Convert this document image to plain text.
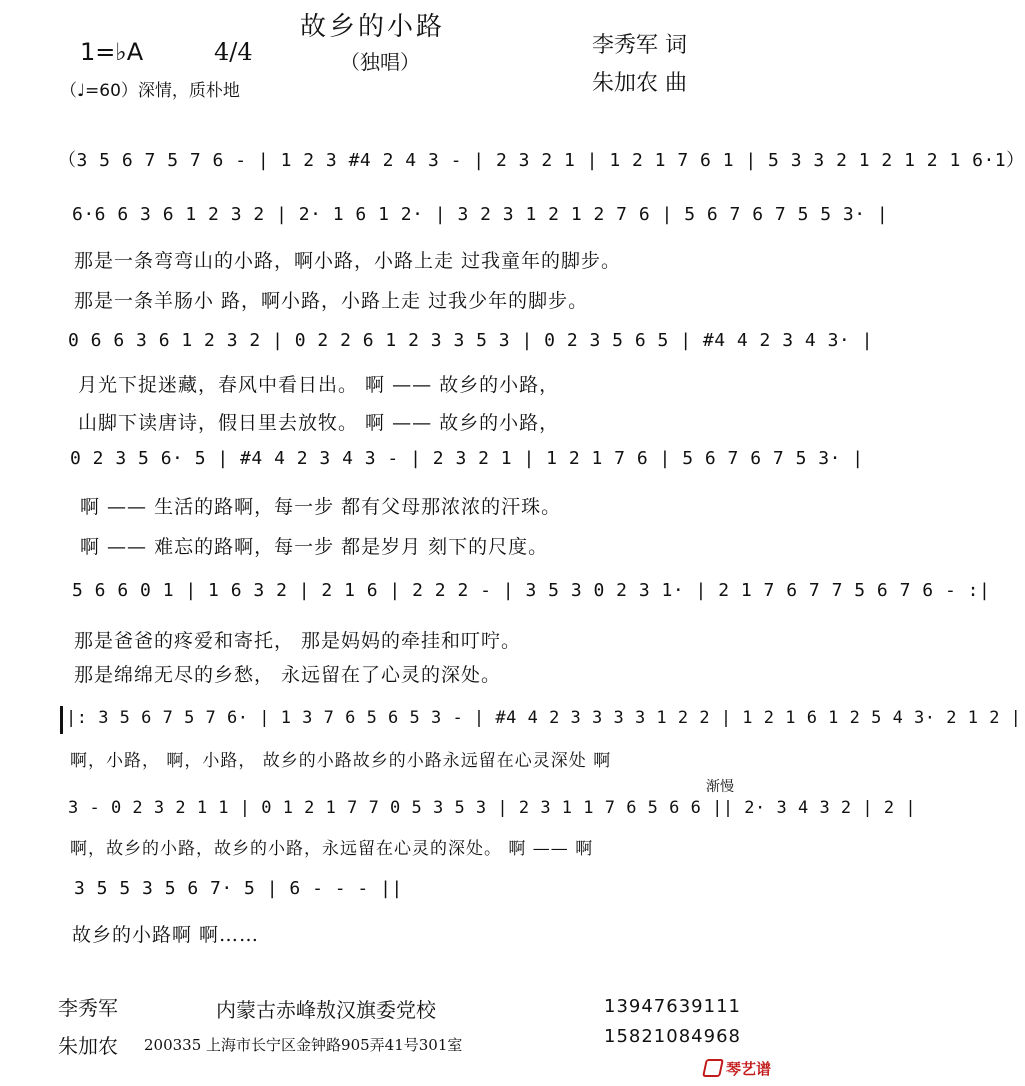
故乡的小路
（独唱）
1=♭A	4/4
（♩=60）深情，质朴地
李秀军 词
朱加农 曲
（3 5 6 7 5 7 6 - | 1 2 3 #4 2 4 3 - | 2 3 2 1 | 1 2 1 7 6 1 | 5 3 3 2 1 2 1 2 1 6·1）
6·6 6 3 6 1 2 3 2 | 2· 1 6 1 2· | 3 2 3 1 2 1 2 7 6 | 5 6 7 6 7 5 5 3· |
那是一条弯弯山的小路，啊小路，小路上走 过我童年的脚步。
那是一条羊肠小 路，啊小路，小路上走 过我少年的脚步。
0 6 6 3 6 1 2 3 2 | 0 2 2 6 1 2 3 3 5 3 | 0 2 3 5 6 5 | #4 4 2 3 4 3· |
月光下捉迷藏，春风中看日出。 啊 —— 故乡的小路，
山脚下读唐诗，假日里去放牧。 啊 —— 故乡的小路，
0 2 3 5 6· 5 | #4 4 2 3 4 3 - | 2 3 2 1 | 1 2 1 7 6 | 5 6 7 6 7 5 3· |
啊 —— 生活的路啊，每一步 都有父母那浓浓的汗珠。
啊 —— 难忘的路啊，每一步 都是岁月 刻下的尺度。
5 6 6 0 1 | 1 6 3 2 | 2 1 6 | 2 2 2 - | 3 5 3 0 2 3 1· | 2 1 7 6 7 7 5 6 7 6 - :|
那是爸爸的疼爱和寄托， 那是妈妈的牵挂和叮咛。
那是绵绵无尽的乡愁， 永远留在了心灵的深处。
|: 3 5 6 7 5 7 6· | 1 3 7 6 5 6 5 3 - | #4 4 2 3 3 3 3 1 2 2 | 1 2 1 6 1 2 5 4 3· 2 1 2 |
啊，小路， 啊，小路， 故乡的小路故乡的小路永远留在心灵深处 啊
渐慢
3 - 0 2 3 2 1 1 | 0 1 2 1 7 7 0 5 3 5 3 | 2 3 1 1 7 6 5 6 6 || 2· 3 4 3 2 | 2 |
啊，故乡的小路，故乡的小路，永远留在心灵的深处。 啊 —— 啊
3 5 5 3 5 6 7· 5 | 6 - - - ||
故乡的小路啊 啊……
李秀军	内蒙古赤峰敖汉旗委党校	13947639111
朱加农 200335 上海市长宁区金钟路905弄41号301室	15821084968
琴艺谱
